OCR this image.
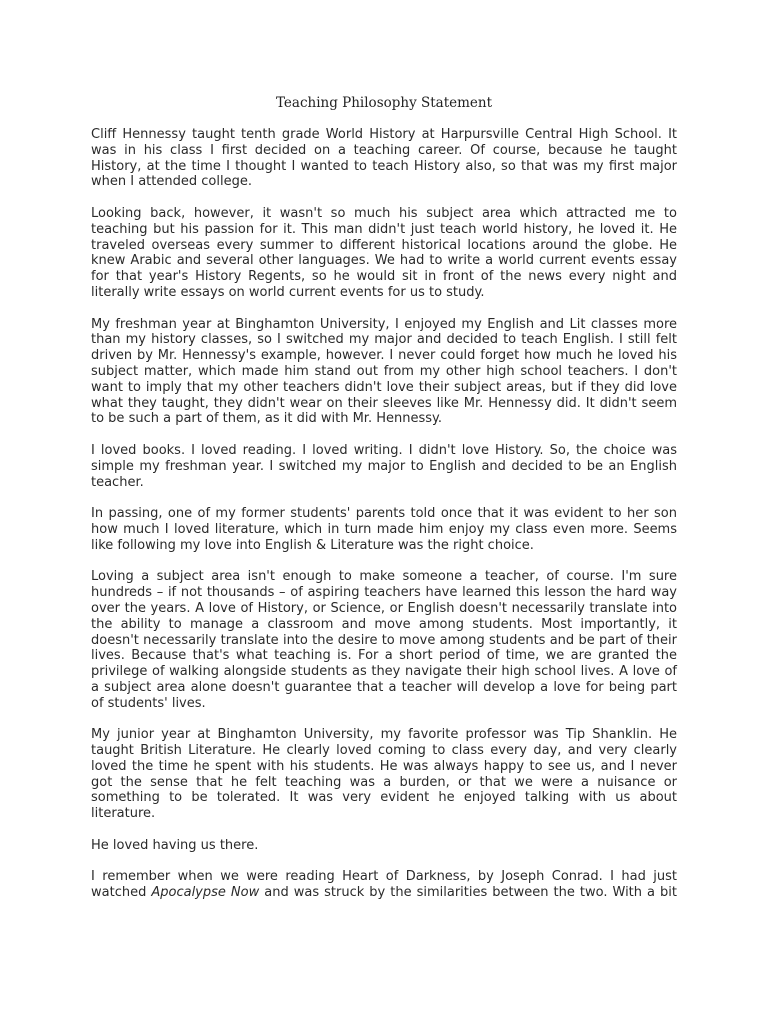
Teaching Philosophy Statement

Cliff Hennessy taught tenth grade World History at Harpursville Central High School. It was in his class I first decided on a teaching career. Of course, because he taught History, at the time I thought I wanted to teach History also, so that was my first major when I attended college.

Looking back, however, it wasn't so much his subject area which attracted me to teaching but his passion for it. This man didn't just teach world history, he loved it. He traveled overseas every summer to different historical locations around the globe. He knew Arabic and several other languages. We had to write a world current events essay for that year's History Regents, so he would sit in front of the news every night and literally write essays on world current events for us to study.

My freshman year at Binghamton University, I enjoyed my English and Lit classes more than my history classes, so I switched my major and decided to teach English. I still felt driven by Mr. Hennessy's example, however. I never could forget how much he loved his subject matter, which made him stand out from my other high school teachers. I don't want to imply that my other teachers didn't love their subject areas, but if they did love what they taught, they didn't wear on their sleeves like Mr. Hennessy did. It didn't seem to be such a part of them, as it did with Mr. Hennessy.

I loved books. I loved reading. I loved writing. I didn't love History. So, the choice was simple my freshman year. I switched my major to English and decided to be an English teacher.

In passing, one of my former students' parents told once that it was evident to her son how much I loved literature, which in turn made him enjoy my class even more. Seems like following my love into English & Literature was the right choice.

Loving a subject area isn't enough to make someone a teacher, of course. I'm sure hundreds – if not thousands – of aspiring teachers have learned this lesson the hard way over the years. A love of History, or Science, or English doesn't necessarily translate into the ability to manage a classroom and move among students. Most importantly, it doesn't necessarily translate into the desire to move among students and be part of their lives. Because that's what teaching is. For a short period of time, we are granted the privilege of walking alongside students as they navigate their high school lives. A love of a subject area alone doesn't guarantee that a teacher will develop a love for being part of students' lives.

My junior year at Binghamton University, my favorite professor was Tip Shanklin. He taught British Literature. He clearly loved coming to class every day, and very clearly loved the time he spent with his students. He was always happy to see us, and I never got the sense that he felt teaching was a burden, or that we were a nuisance or something to be tolerated. It was very evident he enjoyed talking with us about literature.

He loved having us there.

I remember when we were reading Heart of Darkness, by Joseph Conrad. I had just watched Apocalypse Now and was struck by the similarities between the two. With a bit
